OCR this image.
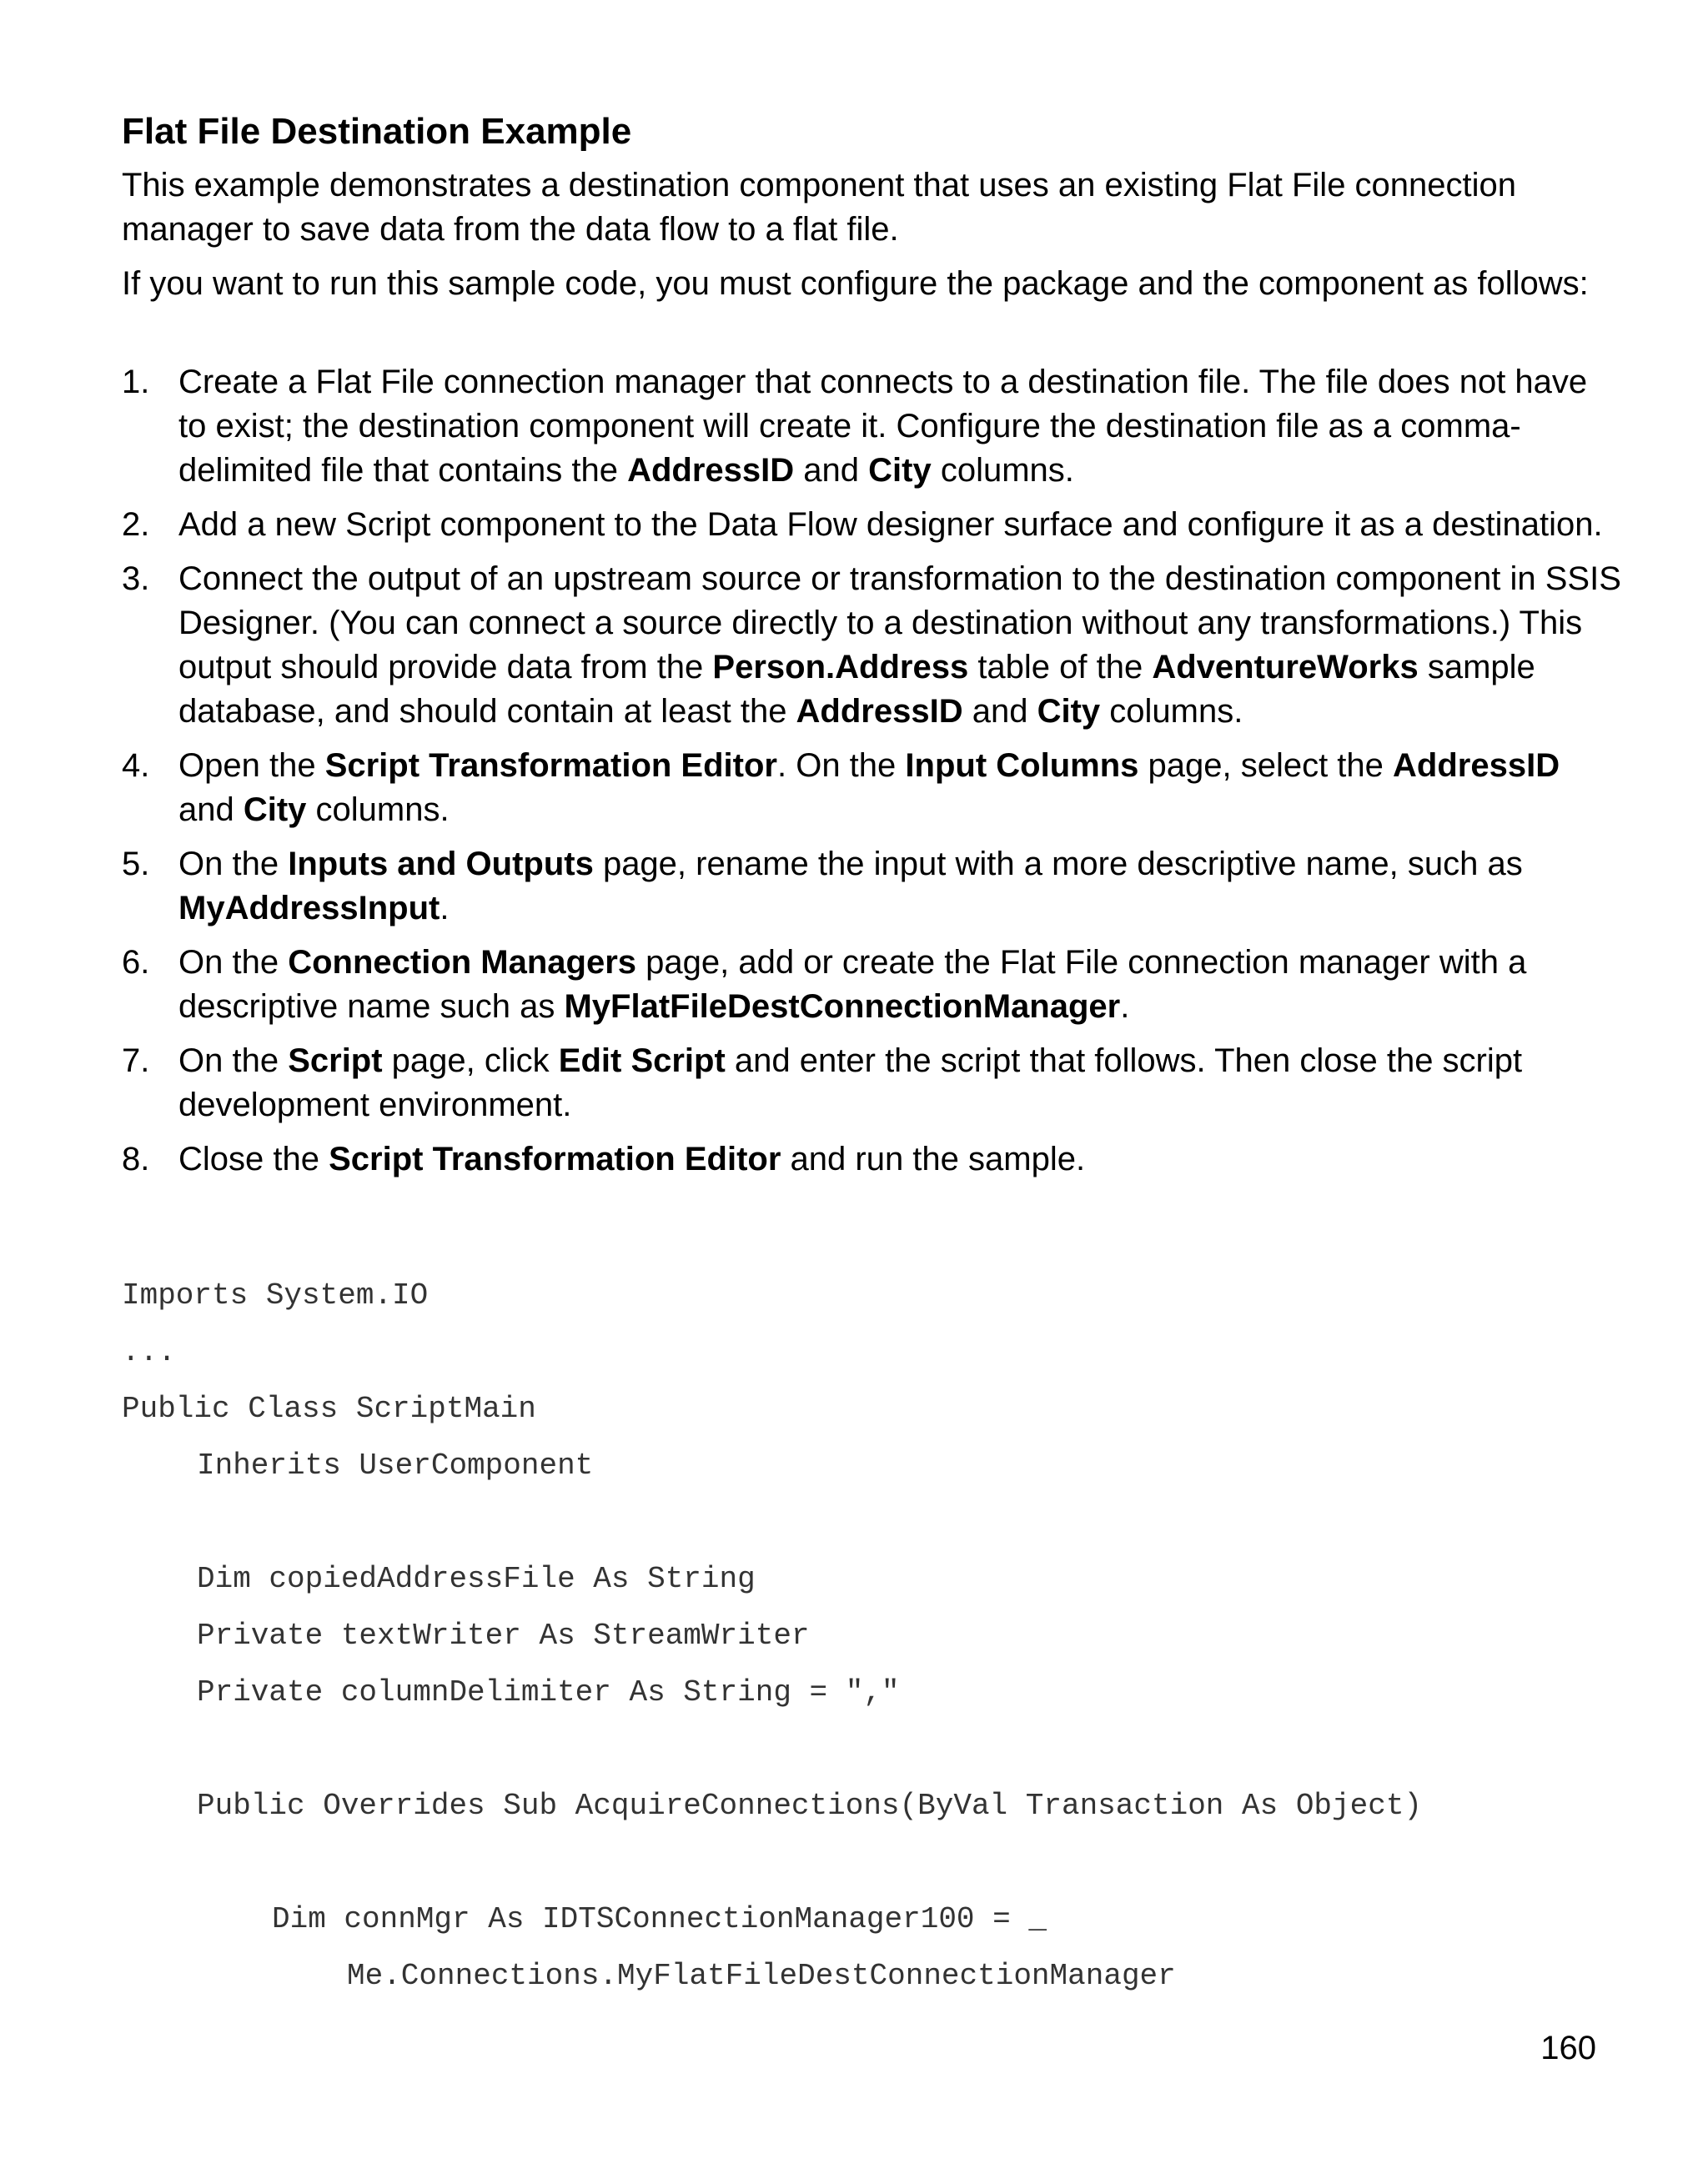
Flat File Destination Example
This example demonstrates a destination component that uses an existing Flat File connection manager to save data from the data flow to a flat file.
If you want to run this sample code, you must configure the package and the component as follows:
1. Create a Flat File connection manager that connects to a destination file. The file does not have to exist; the destination component will create it. Configure the destination file as a comma-delimited file that contains the AddressID and City columns.
2. Add a new Script component to the Data Flow designer surface and configure it as a destination.
3. Connect the output of an upstream source or transformation to the destination component in SSIS Designer. (You can connect a source directly to a destination without any transformations.) This output should provide data from the Person.Address table of the AdventureWorks sample database, and should contain at least the AddressID and City columns.
4. Open the Script Transformation Editor. On the Input Columns page, select the AddressID and City columns.
5. On the Inputs and Outputs page, rename the input with a more descriptive name, such as MyAddressInput.
6. On the Connection Managers page, add or create the Flat File connection manager with a descriptive name such as MyFlatFileDestConnectionManager.
7. On the Script page, click Edit Script and enter the script that follows. Then close the script development environment.
8. Close the Script Transformation Editor and run the sample.
Imports System.IO
...
Public Class ScriptMain
Inherits UserComponent
Dim copiedAddressFile As String
Private textWriter As StreamWriter
Private columnDelimiter As String = ","
Public Overrides Sub AcquireConnections(ByVal Transaction As Object)
Dim connMgr As IDTSConnectionManager100 = _
Me.Connections.MyFlatFileDestConnectionManager
160
